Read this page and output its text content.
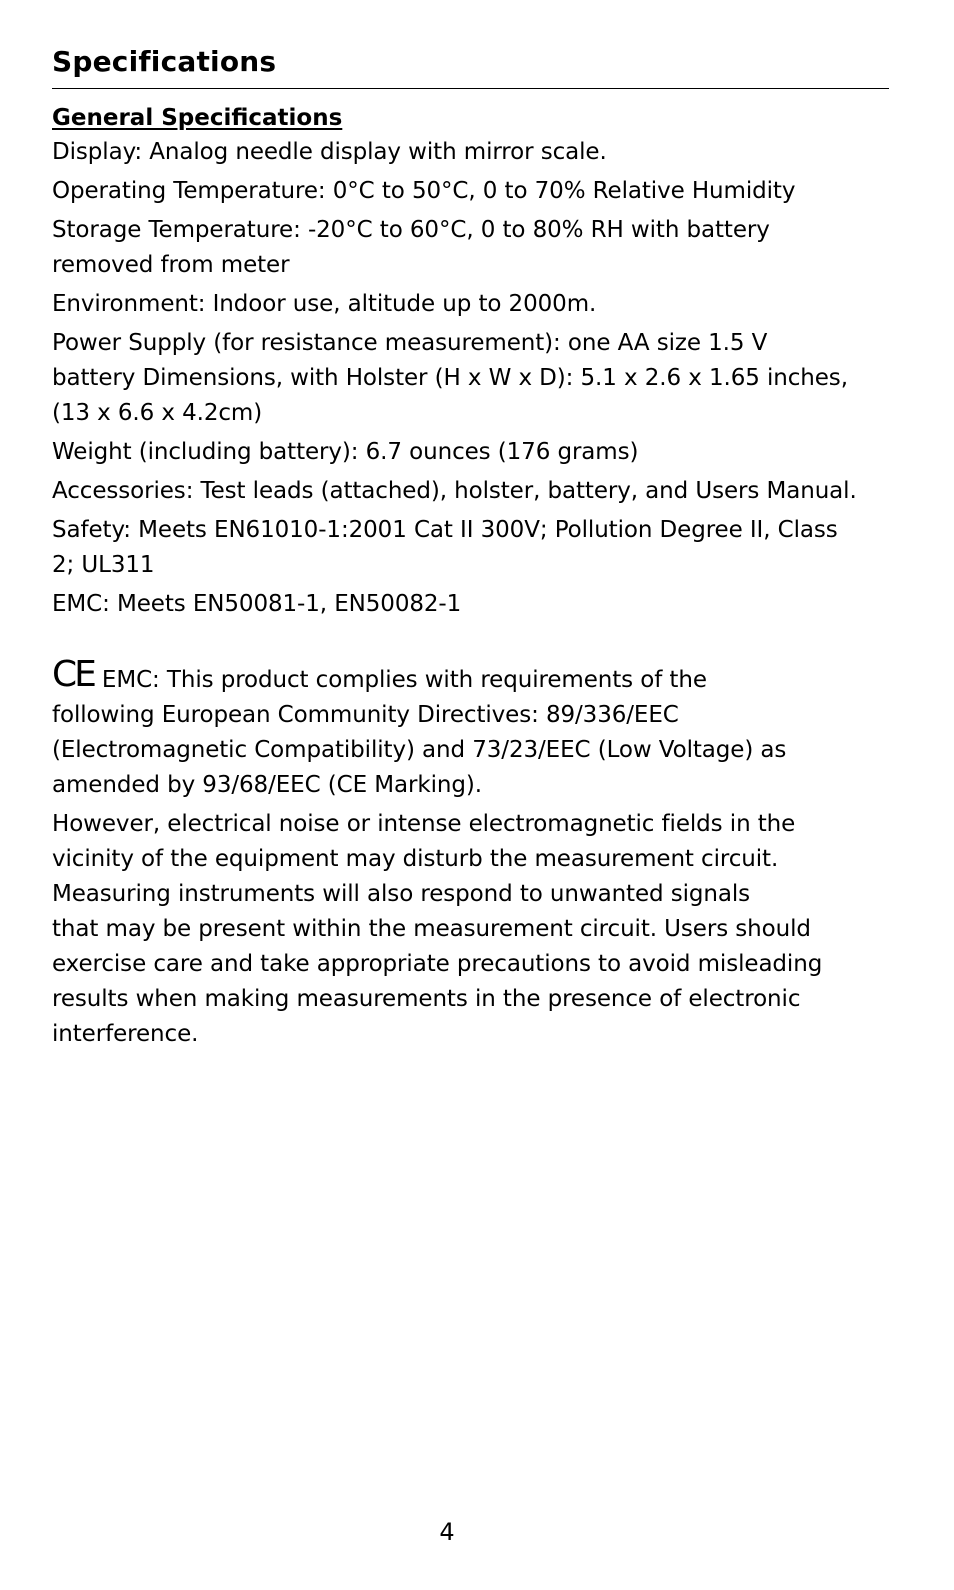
Specifications
General Specifications
Display: Analog needle display with mirror scale.
Operating Temperature: 0°C to 50°C, 0 to 70% Relative Humidity
Storage Temperature: -20°C to 60°C, 0 to 80% RH with battery
removed from meter
Environment: Indoor use, altitude up to 2000m.
Power Supply (for resistance measurement): one AA size 1.5 V
battery Dimensions, with Holster (H x W x D): 5.1 x 2.6 x 1.65 inches,
(13 x 6.6 x 4.2cm)
Weight (including battery): 6.7 ounces (176 grams)
Accessories: Test leads (attached), holster, battery, and Users Manual.
Safety: Meets EN61010-1:2001 Cat II 300V; Pollution Degree II, Class
2; UL311
EMC: Meets EN50081-1, EN50082-1
CE EMC: This product complies with requirements of the
following European Community Directives: 89/336/EEC
(Electromagnetic Compatibility) and 73/23/EEC (Low Voltage) as
amended by 93/68/EEC (CE Marking).
However, electrical noise or intense electromagnetic fields in the
vicinity of the equipment may disturb the measurement circuit.
Measuring instruments will also respond to unwanted signals
that may be present within the measurement circuit. Users should
exercise care and take appropriate precautions to avoid misleading
results when making measurements in the presence of electronic
interference.
4
